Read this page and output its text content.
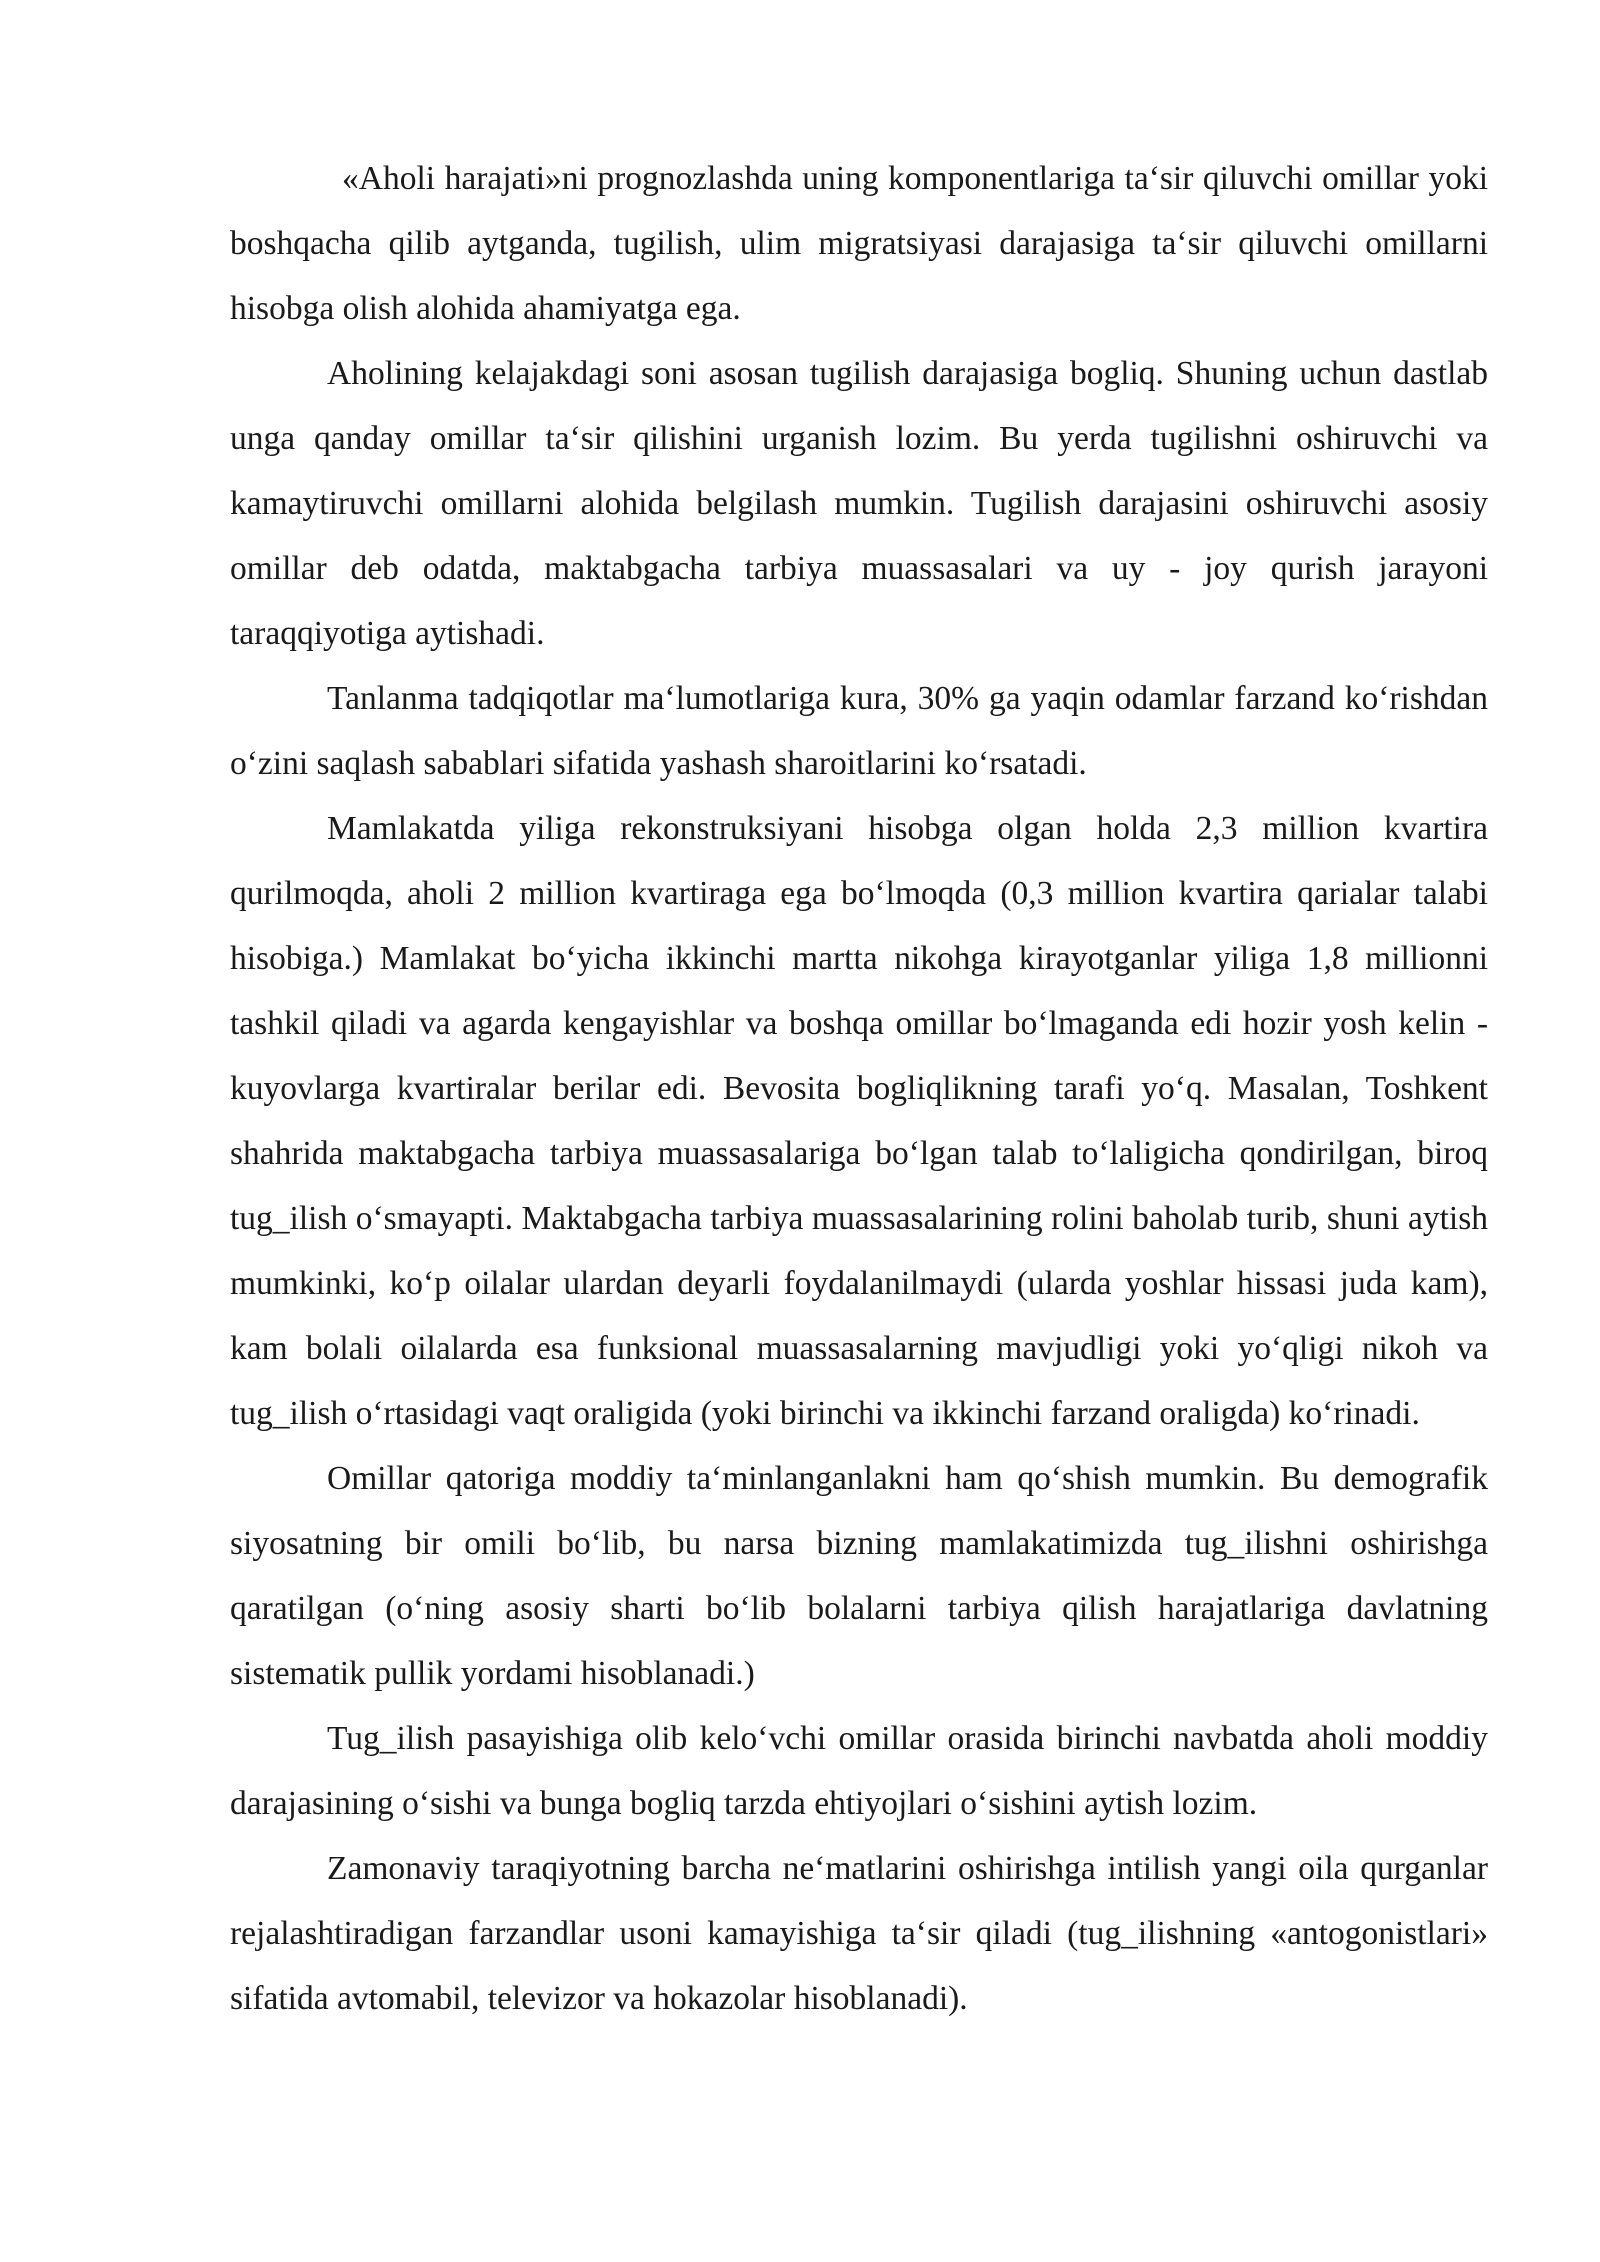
«Aholi harajati»ni prognozlashda uning komponentlariga ta‘sir qiluvchi omillar yoki boshqacha qilib aytganda, tugilish, ulim migratsiyasi darajasiga ta‘sir qiluvchi omillarni hisobga olish alohida ahamiyatga ega.

Aholining kelajakdagi soni asosan tugilish darajasiga bogliq. Shuning uchun dastlab unga qanday omillar ta‘sir qilishini urganish lozim. Bu yerda tugilishni oshiruvchi va kamaytiruvchi omillarni alohida belgilash mumkin. Tugilish darajasini oshiruvchi asosiy omillar deb odatda, maktabgacha tarbiya muassasalari va uy - joy qurish jarayoni taraqqiyotiga aytishadi.

Tanlanma tadqiqotlar ma‘lumotlariga kura, 30% ga yaqin odamlar farzand ko‘rishdan o‘zini saqlash sabablari sifatida yashash sharoitlarini ko‘rsatadi.

Mamlakatda yiliga rekonstruksiyani hisobga olgan holda 2,3 million kvartira qurilmoqda, aholi 2 million kvartiraga ega bo‘lmoqda (0,3 million kvartira qarialar talabi hisobiga.) Mamlakat bo‘yicha ikkinchi martta nikohga kirayotganlar yiliga 1,8 millionni tashkil qiladi va agarda kengayishlar va boshqa omillar bo‘lmaganda edi hozir yosh kelin - kuyovlarga kvartiralar berilar edi. Bevosita bogliqlikning tarafi yo‘q. Masalan, Toshkent shahrida maktabgacha tarbiya muassasalariga bo‘lgan talab to‘laligicha qondirilgan, biroq tug_ilish o‘smayapti. Maktabgacha tarbiya muassasalarining rolini baholab turib, shuni aytish mumkinki, ko‘p oilalar ulardan deyarli foydalanilmaydi (ularda yoshlar hissasi juda kam), kam bolali oilalarda esa funksional muassasalarning mavjudligi yoki yo‘qligi nikoh va tug_ilish o‘rtasidagi vaqt oraligida (yoki birinchi va ikkinchi farzand oraligda) ko‘rinadi.

Omillar qatoriga moddiy ta‘minlanganlakni ham qo‘shish mumkin. Bu demografik siyosatning bir omili bo‘lib, bu narsa bizning mamlakatimizda tug_ilishni oshirishga qaratilgan (o‘ning asosiy sharti bo‘lib bolalarni tarbiya qilish harajatlariga davlatning sistematik pullik yordami hisoblanadi.)

Tug_ilish pasayishiga olib kelo‘vchi omillar orasida birinchi navbatda aholi moddiy darajasining o‘sishi va bunga bogliq tarzda ehtiyojlari o‘sishini aytish lozim.

Zamonaviy taraqiyotning barcha ne‘matlarini oshirishga intilish yangi oila qurganlar rejalashtiradigan farzandlar usoni kamayishiga ta‘sir qiladi (tug_ilishning «antogonistlari» sifatida avtomabil, televizor va hokazolar hisoblanadi).
